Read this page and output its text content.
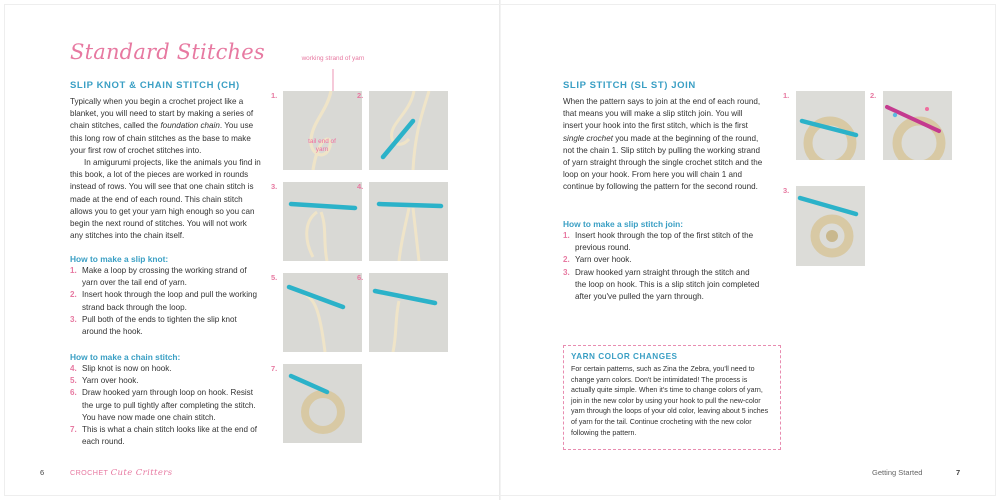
Standard Stitches
SLIP KNOT & CHAIN STITCH (CH)

Typically when you begin a crochet project like a blanket, you will need to start by making a series of chain stitches, called the foundation chain. You use this long row of chain stitches as the base to make your first row of crochet stitches into.

In amigurumi projects, like the animals you find in this book, a lot of the pieces are worked in rounds instead of rows. You will see that one chain stitch is made at the end of each round. This chain stitch allows you to get your yarn high enough so you can begin the next round of stitches. You will not work any stitches into the chain itself.

How to make a slip knot:
1. Make a loop by crossing the working strand of yarn over the tail end of yarn.
2. Insert hook through the loop and pull the working strand back through the loop.
3. Pull both of the ends to tighten the slip knot around the hook.
How to make a chain stitch:
4. Slip knot is now on hook.
5. Yarn over hook.
6. Draw hooked yarn through loop on hook. Resist the urge to pull tightly after completing the stitch. You have now made one chain stitch.
7. This is what a chain stitch looks like at the end of each round.
working strand of yarn
1.
tail end of yarn
2.
3.	4.
5.	6.
7.
6	CROCHET Cute Critters
SLIP STITCH (SL ST) JOIN

When the pattern says to join at the end of each round, that means you will make a slip stitch join. You will insert your hook into the first stitch, which is the first single crochet you made at the beginning of the round, not the chain 1. Slip stitch by pulling the working strand of yarn straight through the single crochet stitch and the loop on your hook. From here you will chain 1 and continue by following the pattern for the second round.

How to make a slip stitch join:
1. Insert hook through the top of the first stitch of the previous round.
2. Yarn over hook.
3. Draw hooked yarn straight through the stitch and the loop on hook. This is a slip stitch join completed after you've pulled the yarn through.
1.	2.
3.
YARN COLOR CHANGES
For certain patterns, such as Zina the Zebra, you'll need to change yarn colors. Don't be intimidated! The process is actually quite simple. When it's time to change colors of yarn, join in the new color by using your hook to pull the new-color yarn through the loops of your old color, leaving about 5 inches of yarn for the tail. Continue crocheting with the new color following the pattern.
Getting Started	7
